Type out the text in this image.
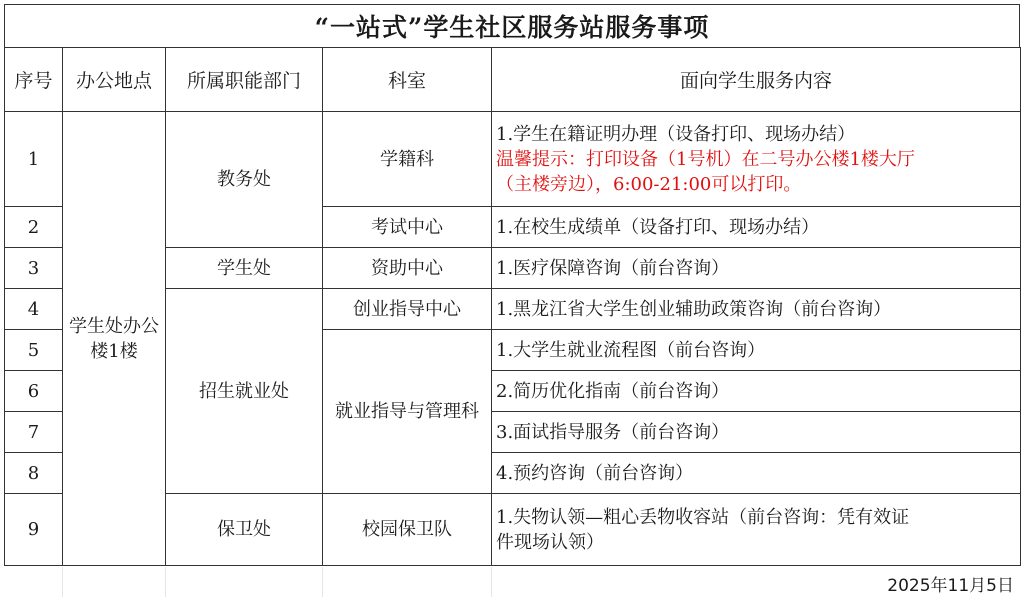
“一站式”学生社区服务站服务事项
序号	办公地点	所属职能部门	科室	面向学生服务内容
1	学生处办公楼1楼	教务处	学籍科	1.学生在籍证明办理（设备打印、现场办结）
温馨提示：打印设备（1号机）在二号办公楼1楼大厅
（主楼旁边），6:00-21:00可以打印。

2			考试中心	1.在校生成绩单（设备打印、现场办结）
3		学生处	资助中心	1.医疗保障咨询（前台咨询）
4		招生就业处	创业指导中心	1.黑龙江省大学生创业辅助政策咨询（前台咨询）
5			就业指导与管理科	1.大学生就业流程图（前台咨询）
6				2.简历优化指南（前台咨询）
7				3.面试指导服务（前台咨询）
8				4.预约咨询（前台咨询）
9		保卫处	校园保卫队	1.失物认领—粗心丢物收容站（前台咨询：凭有效证
件现场认领）
2025年11月5日
